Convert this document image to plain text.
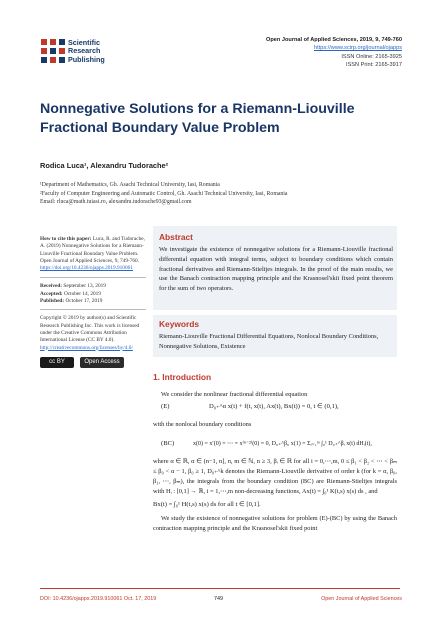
Scientific
Research
Publishing
Open Journal of Applied Sciences, 2019, 9, 749-760
https://www.scirp.org/journal/ojapps
ISSN Online: 2165-3925
ISSN Print: 2165-3917
Nonnegative Solutions for a Riemann-Liouville
Fractional Boundary Value Problem
Rodica Luca¹, Alexandru Tudorache²
¹Department of Mathematics, Gh. Asachi Technical University, Iasi, Romania
²Faculty of Computer Engineering and Automatic Control, Gh. Asachi Technical University, Iasi, Romania
Email: rluca@math.tuiasi.ro, alexandru.tudorache93@gmail.com

How to cite this paper: Luca, R. and Tudorache, A. (2019) Nonnegative Solutions for a Riemann-Liouville Fractional Boundary Value Problem. Open Journal of Applied Sciences, 9, 749-760.
https://doi.org/10.4236/ojapps.2019.910061

Received: September 13, 2019
Accepted: October 14, 2019
Published: October 17, 2019

Copyright © 2019 by author(s) and Scientific Research Publishing Inc. This work is licensed under the Creative Commons Attribution International License (CC BY 4.0).
http://creativecommons.org/licenses/by/4.0/

cc BY	Open Access
Abstract
We investigate the existence of nonnegative solutions for a Riemann-Liouville fractional differential equation with integral terms, subject to boundary conditions which contain fractional derivatives and Riemann-Stieltjes integrals. In the proof of the main results, we use the Banach contraction mapping principle and the Krasnosel'skii fixed point theorem for the sum of two operators.
Keywords
Riemann-Liouville Fractional Differential Equations, Nonlocal Boundary Conditions, Nonnegative Solutions, Existence
1. Introduction
We consider the nonlinear fractional differential equation
(E)	D₀₊^α x(t) + f(t, x(t), Ax(t), Bx(t)) = 0, t ∈ (0,1),
with the nonlocal boundary conditions
(BC)	x(0) = x′(0) = ⋯ = x⁽ⁿ⁻²⁾(0) = 0, D₀₊^β₀ x(1) = Σᵢ₌₁ᵐ ∫₀¹ D₀₊^βᵢ x(t) dHᵢ(t),
where α ∈ ℝ, α ∈ (n−1, n], n, m ∈ ℕ, n ≥ 3, βᵢ ∈ ℝ for all i = 0,⋯,m, 0 ≤ β₁ < β₂ < ⋯ < βₘ ≤ β₀ < α − 1, β₀ ≥ 1, D₀₊^k denotes the Riemann-Liouville derivative of order k (for k = α, β₀, β₁, ⋯, βₘ), the integrals from the boundary condition (BC) are Riemann-Stieltjes integrals with Hᵢ : [0,1] → ℝ, i = 1,⋯,m non-decreasing functions, Ax(t) = ∫₀¹ K(t,s) x(s) ds , and
Bx(t) = ∫₀¹ H(t,s) x(s) ds for all t ∈ [0,1].
We study the existence of nonnegative solutions for problem (E)-(BC) by using the Banach contraction mapping principle and the Krasnosel'skii fixed point
DOI: 10.4236/ojapps.2019.910061 Oct. 17, 2019	749	Open Journal of Applied Sciences
